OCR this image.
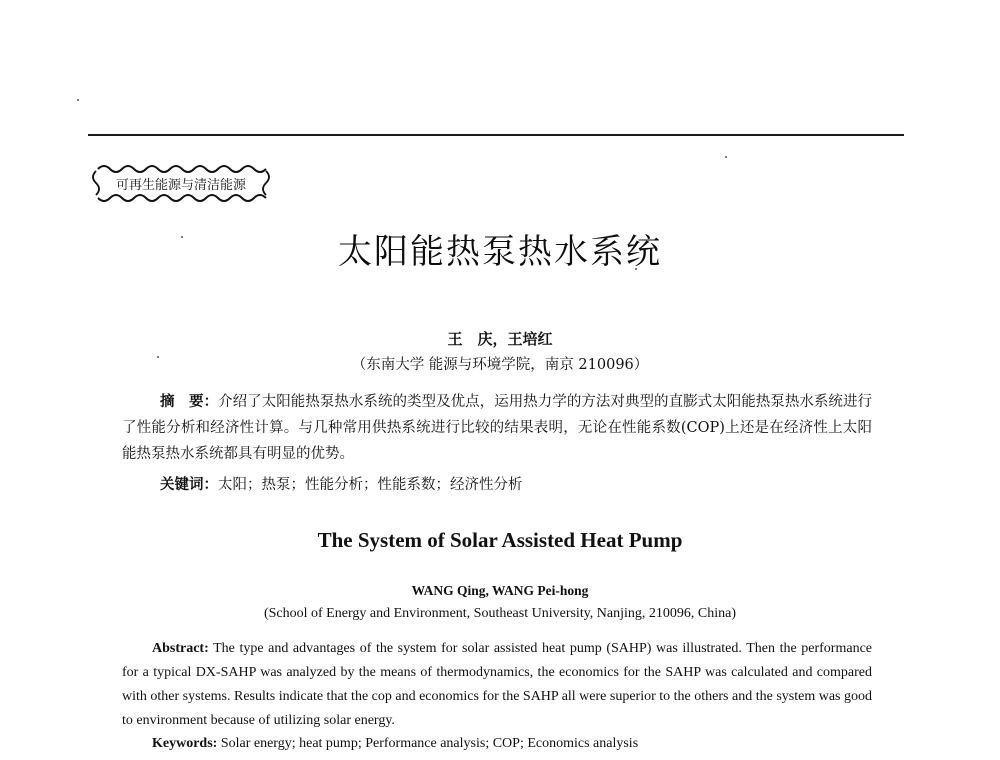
可再生能源与清洁能源
太阳能热泵热水系统
王　庆，王培红
（东南大学 能源与环境学院，南京 210096）
摘　要：介绍了太阳能热泵热水系统的类型及优点，运用热力学的方法对典型的直膨式太阳能热泵热水系统进行了性能分析和经济性计算。与几种常用供热系统进行比较的结果表明，无论在性能系数(COP)上还是在经济性上太阳能热泵热水系统都具有明显的优势。
关键词：太阳；热泵；性能分析；性能系数；经济性分析
The System of Solar Assisted Heat Pump
WANG Qing, WANG Pei-hong
(School of Energy and Environment, Southeast University, Nanjing, 210096, China)
Abstract: The type and advantages of the system for solar assisted heat pump (SAHP) was illustrated. Then the performance for a typical DX-SAHP was analyzed by the means of thermodynamics, the economics for the SAHP was calculated and compared with other systems. Results indicate that the cop and economics for the SAHP all were superior to the others and the system was good to environment because of utilizing solar energy.
Keywords: Solar energy; heat pump; Performance analysis; COP; Economics analysis
